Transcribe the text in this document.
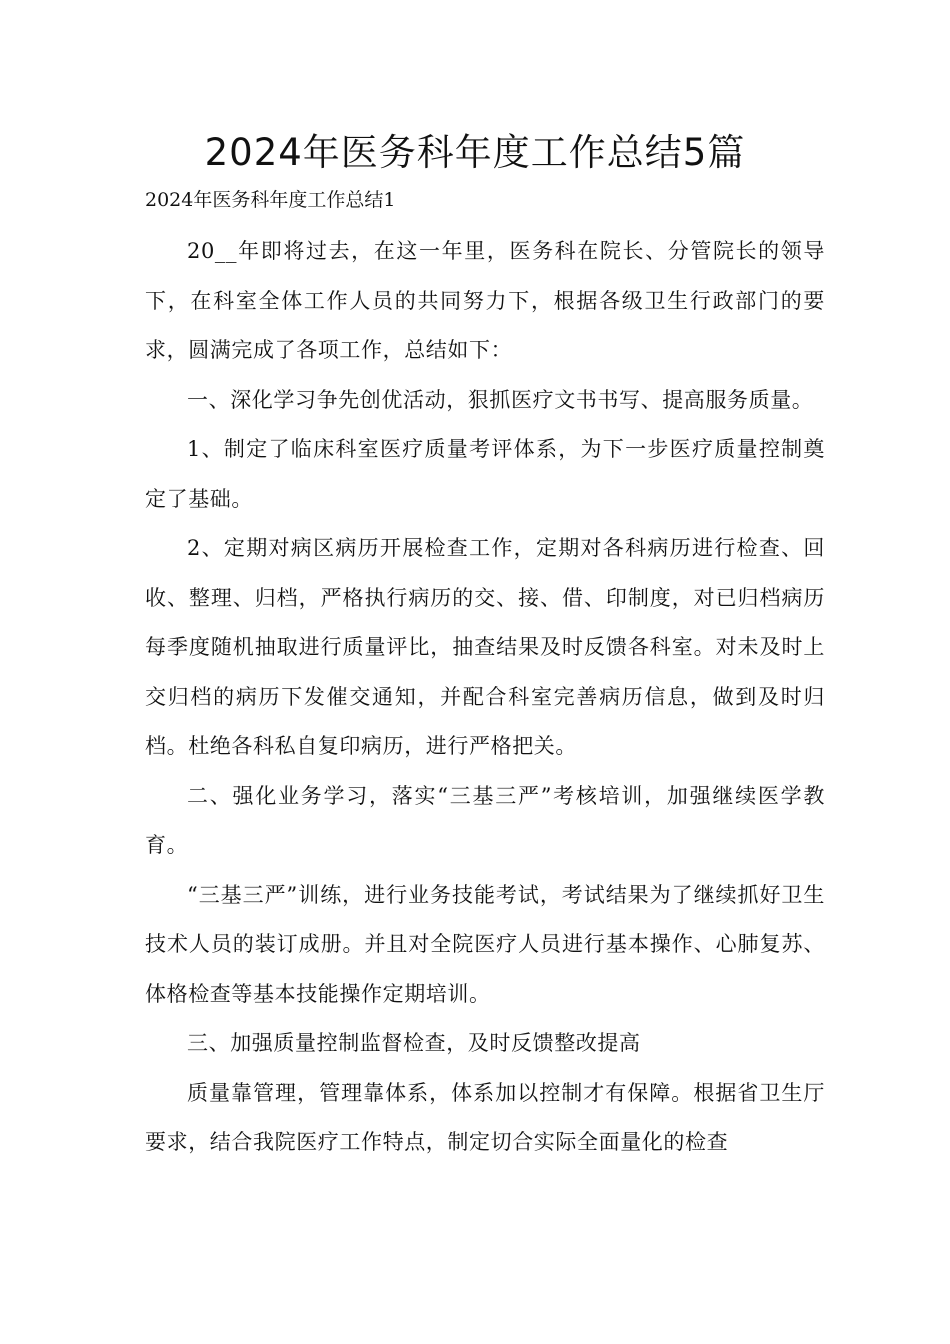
2024年医务科年度工作总结5篇
2024年医务科年度工作总结1

20__年即将过去，在这一年里，医务科在院长、分管院长的领导下，在科室全体工作人员的共同努力下，根据各级卫生行政部门的要求，圆满完成了各项工作，总结如下：

一、深化学习争先创优活动，狠抓医疗文书书写、提高服务质量。

1、制定了临床科室医疗质量考评体系，为下一步医疗质量控制奠定了基础。

2、定期对病区病历开展检查工作，定期对各科病历进行检查、回收、整理、归档，严格执行病历的交、接、借、印制度，对已归档病历每季度随机抽取进行质量评比，抽查结果及时反馈各科室。对未及时上交归档的病历下发催交通知，并配合科室完善病历信息，做到及时归档。杜绝各科私自复印病历，进行严格把关。

二、强化业务学习，落实“三基三严”考核培训，加强继续医学教育。

“三基三严”训练，进行业务技能考试，考试结果为了继续抓好卫生技术人员的装订成册。并且对全院医疗人员进行基本操作、心肺复苏、体格检查等基本技能操作定期培训。

三、加强质量控制监督检查，及时反馈整改提高

质量靠管理，管理靠体系，体系加以控制才有保障。根据省卫生厅要求，结合我院医疗工作特点，制定切合实际全面量化的检查
